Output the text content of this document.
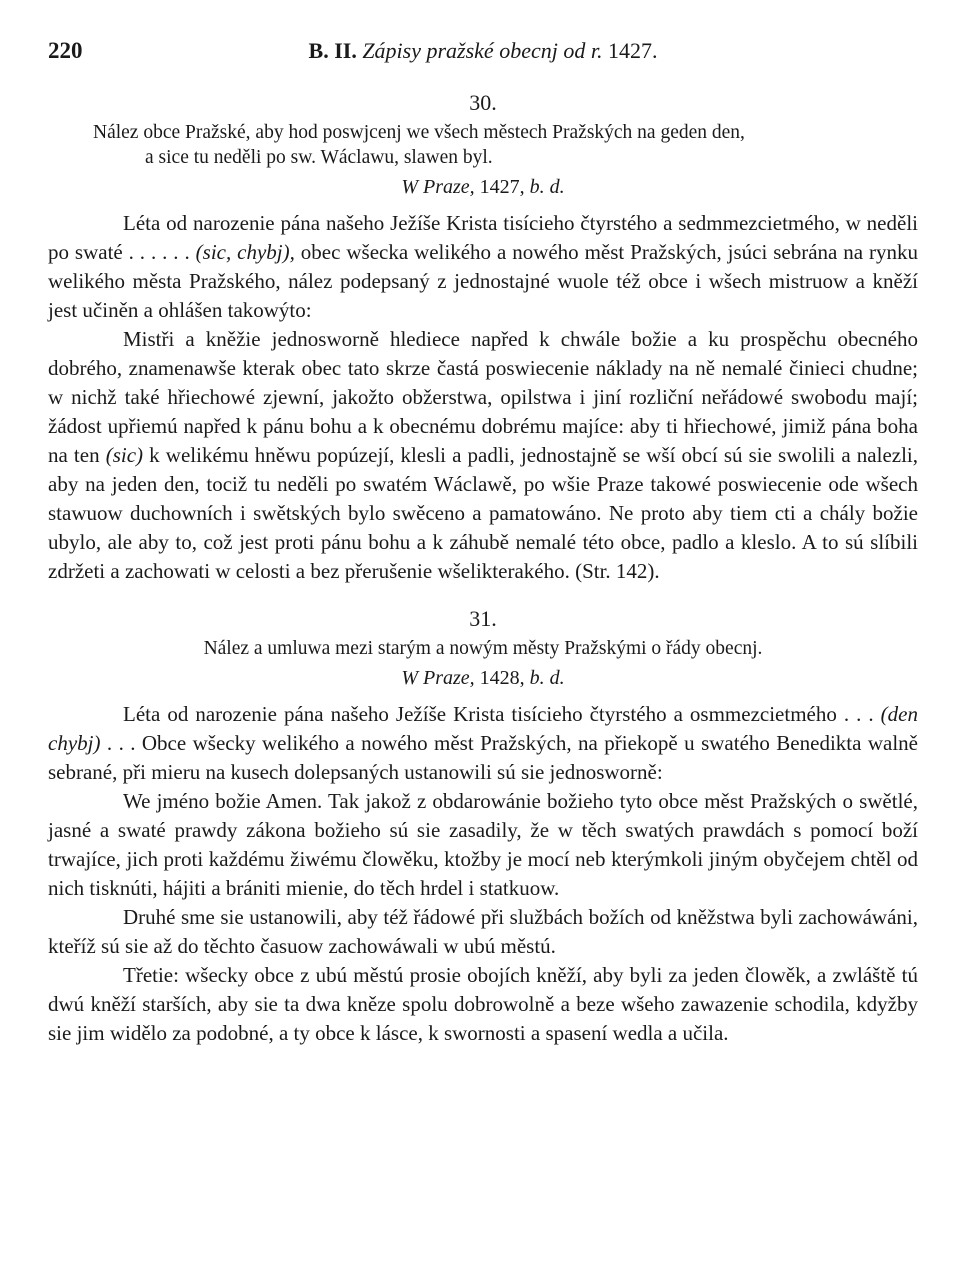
220	B. II. Zápisy pražské obecnj od r. 1427.
30.
Nález obce Pražské, aby hod poswjcenj we všech městech Pražských na geden den,
a sice tu neděli po sw. Wáclawu, slawen byl.
W Praze, 1427, b. d.

Léta od narozenie pána našeho Ježíše Krista tisícieho čtyrstého a sedmmezcietmého, w neděli po swaté . . . . . . (sic, chybj), obec wšecka welikého a nowého měst Pražských, jsúci sebrána na rynku welikého města Pražského, nález podepsaný z jednostajné wuole též obce i wšech mistruow a kněží jest učiněn a ohlášen takowýto:

Mistři a kněžie jednosworně hlediece napřed k chwále božie a ku prospěchu obecného dobrého, znamenawše kterak obec tato skrze častá poswiecenie náklady na ně nemalé činieci chudne; w nichž také hřiechowé zjewní, jakožto obžerstwa, opilstwa i jiní rozliční neřádowé swobodu mají; žádost upřiemú napřed k pánu bohu a k obecnému dobrému majíce: aby ti hřiechowé, jimiž pána boha na ten (sic) k welikému hněwu popúzejí, klesli a padli, jednostajně se wší obcí sú sie swolili a nalezli, aby na jeden den, tociž tu neděli po swatém Wáclawě, po wšie Praze takowé poswiecenie ode wšech stawuow duchowních i swětských bylo swěceno a pamatowáno. Ne proto aby tiem cti a chály božie ubylo, ale aby to, což jest proti pánu bohu a k záhubě nemalé této obce, padlo a kleslo. A to sú slíbili zdržeti a zachowati w celosti a bez přerušenie wšelikterakého. (Str. 142).

31.
Nález a umluwa mezi starým a nowým městy Pražskými o řády obecnj.
W Praze, 1428, b. d.

Léta od narozenie pána našeho Ježíše Krista tisícieho čtyrstého a osmmezcietmého . . . (den chybj) . . . Obce wšecky welikého a nowého měst Pražských, na přiekopě u swatého Benedikta walně sebrané, při mieru na kusech dolepsaných ustanowili sú sie jednosworně:

We jméno božie Amen. Tak jakož z obdarowánie božieho tyto obce měst Pražských o swětlé, jasné a swaté prawdy zákona božieho sú sie zasadily, že w těch swatých prawdách s pomocí boží trwajíce, jich proti každému žiwému člowěku, ktožby je mocí neb kterýmkoli jiným obyčejem chtěl od nich tisknúti, hájiti a brániti mienie, do těch hrdel i statkuow.

Druhé sme sie ustanowili, aby též řádowé při službách božích od kněžstwa byli zachowáwáni, kteříž sú sie až do těchto časuow zachowáwali w ubú městú.

Třetie: wšecky obce z ubú městú prosie obojích kněží, aby byli za jeden člowěk, a zwláště tú dwú kněží starších, aby sie ta dwa kněze spolu dobrowolně a beze wšeho zawazenie schodila, kdyžby sie jim widělo za podobné, a ty obce k lásce, k swornosti a spasení wedla a učila.
